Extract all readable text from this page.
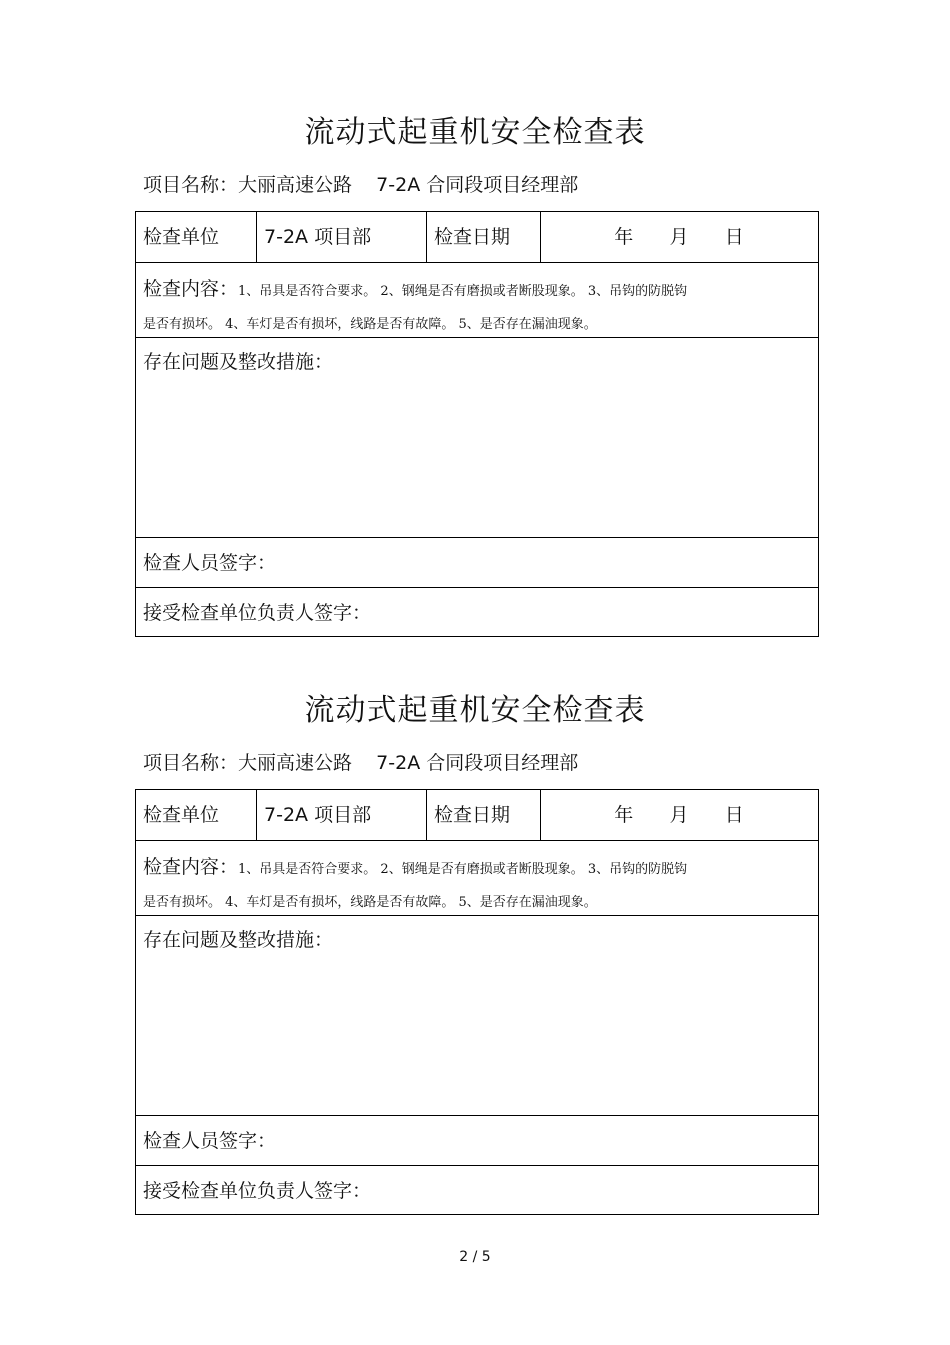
流动式起重机安全检查表
项目名称：大丽高速公路    7-2A 合同段项目经理部
检查单位 7-2A 项目部	检查日期	年      月      日
检查内容：1、吊具是否符合要求。 2、钢绳是否有磨损或者断股现象。 3、吊钩的防脱钩
是否有损坏。 4、车灯是否有损坏，线路是否有故障。 5、是否存在漏油现象。
存在问题及整改措施：
检查人员签字：
接受检查单位负责人签字：
流动式起重机安全检查表
项目名称：大丽高速公路    7-2A 合同段项目经理部
检查单位 7-2A 项目部	检查日期	年      月      日
检查内容：1、吊具是否符合要求。 2、钢绳是否有磨损或者断股现象。 3、吊钩的防脱钩
是否有损坏。 4、车灯是否有损坏，线路是否有故障。 5、是否存在漏油现象。
存在问题及整改措施：
检查人员签字：
接受检查单位负责人签字：
2 / 5
